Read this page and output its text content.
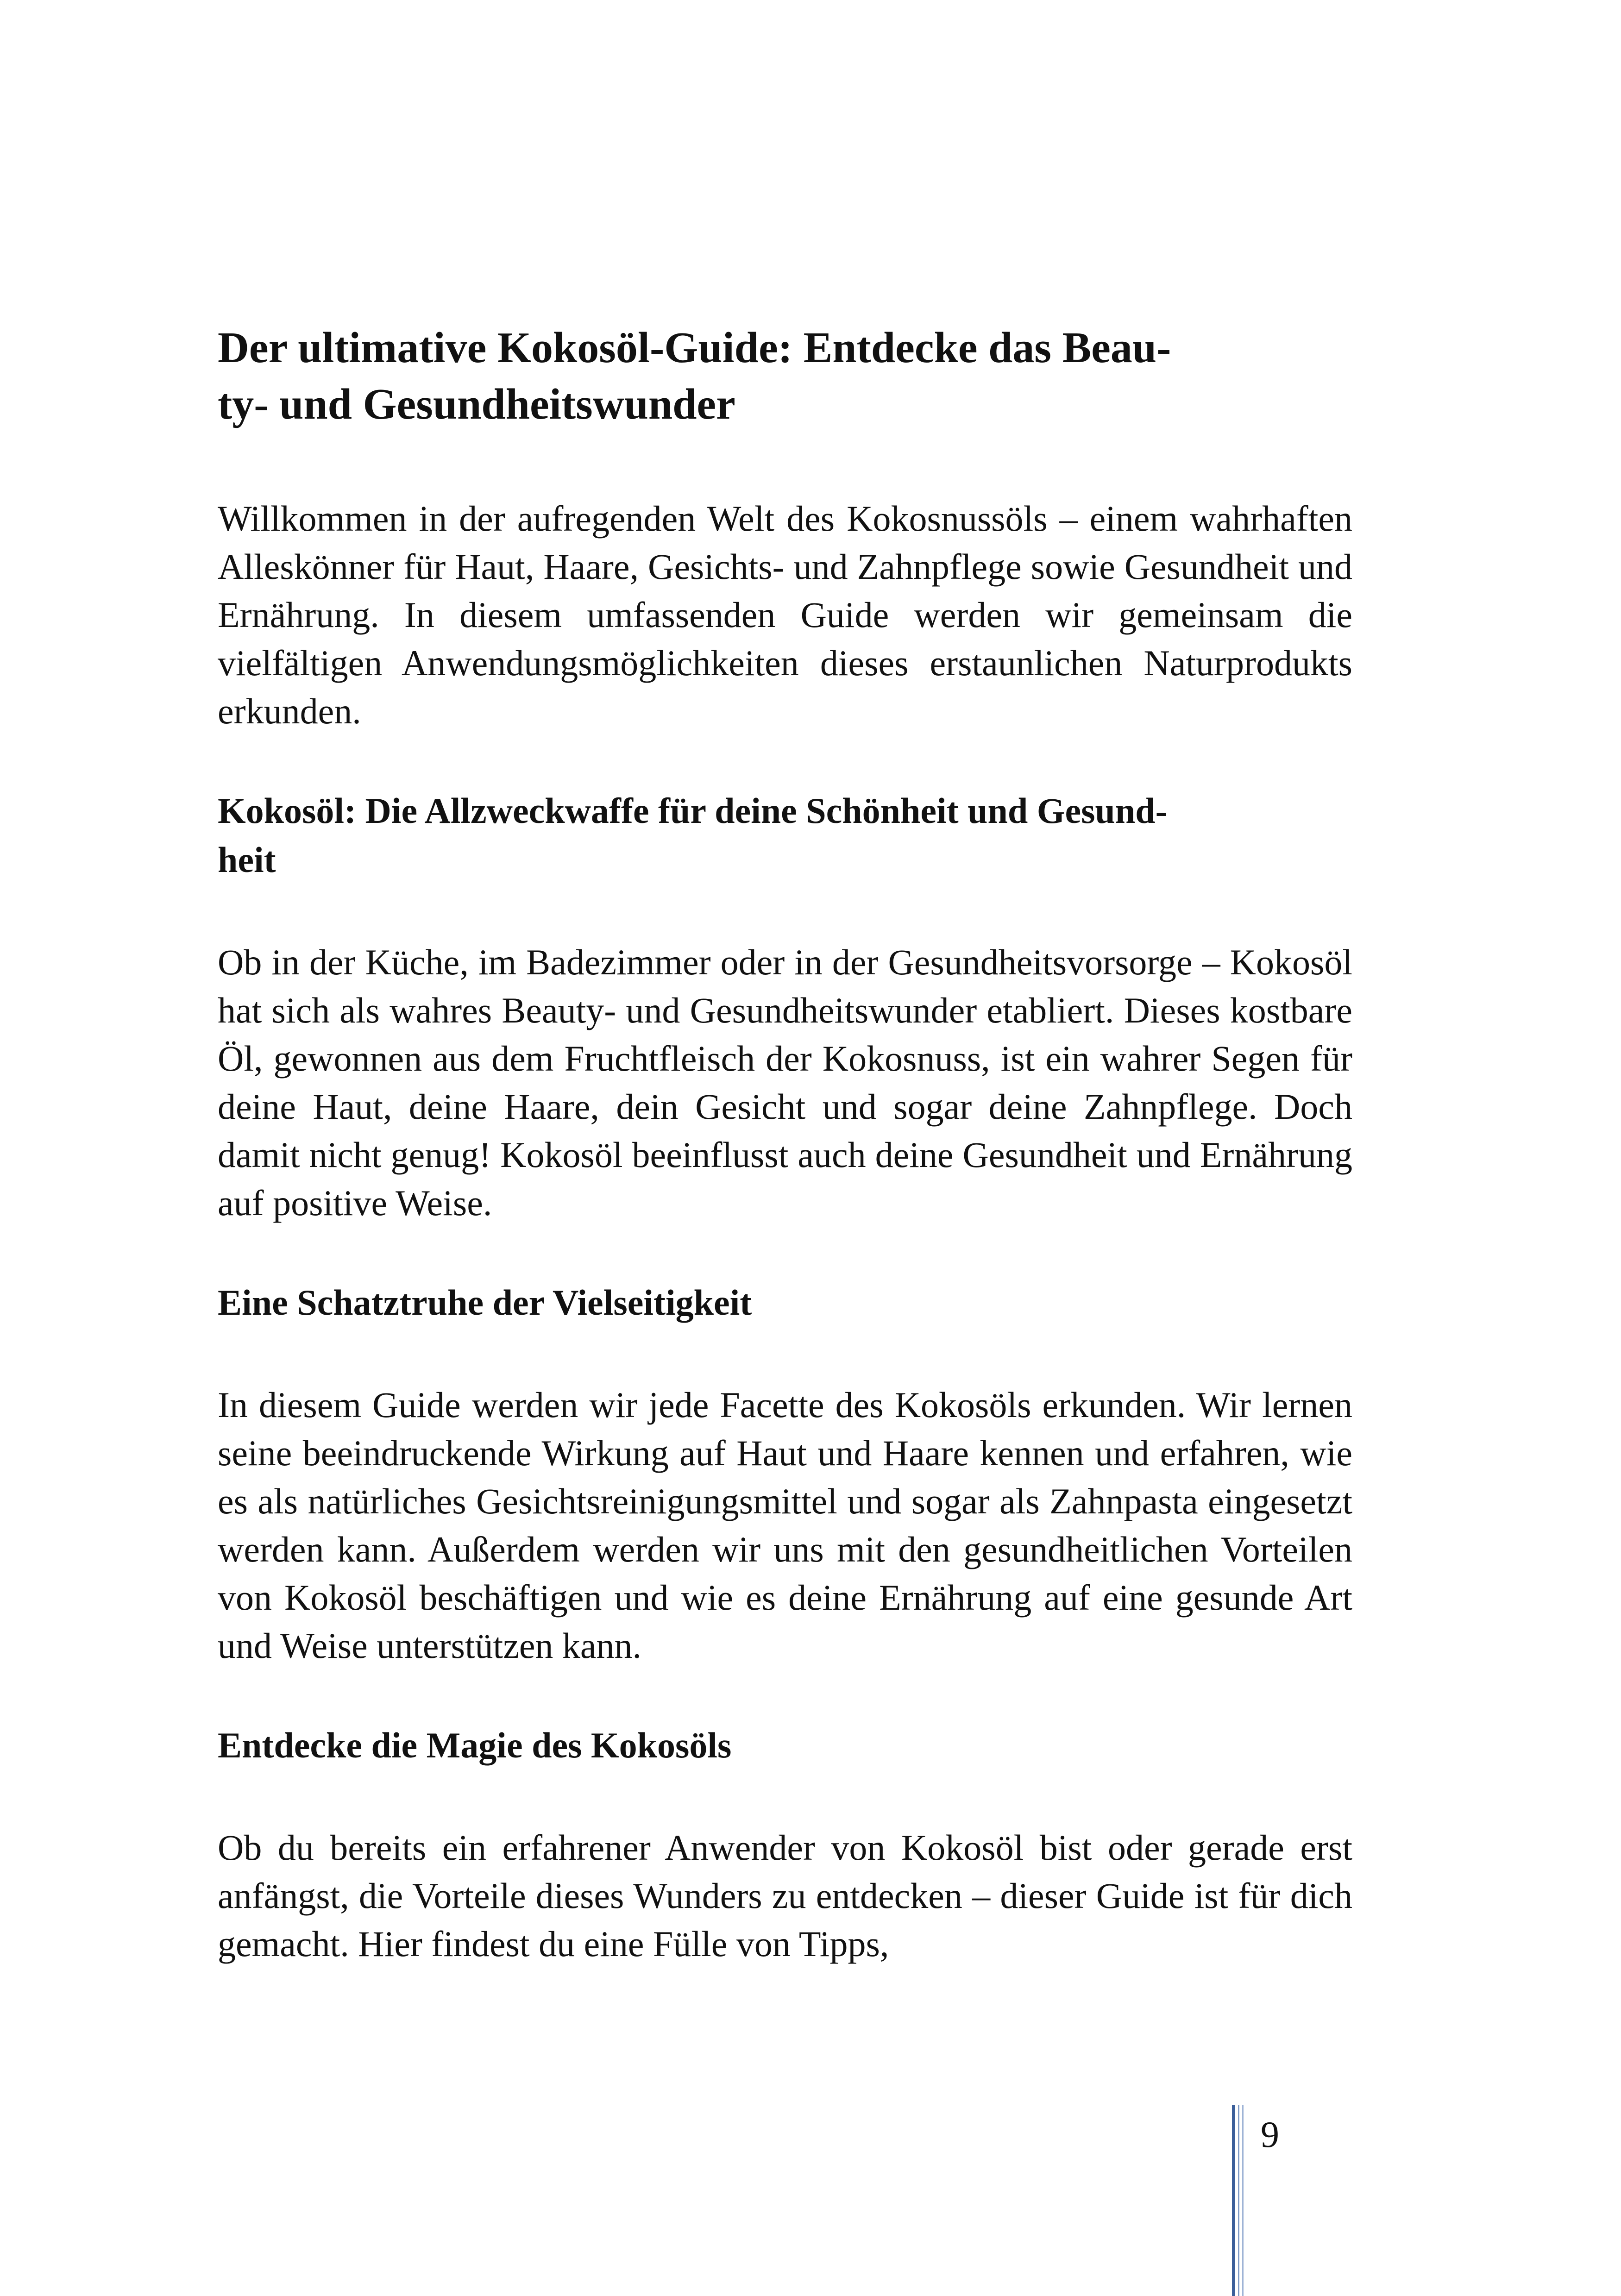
Der ultimative Kokosöl-Guide: Entdecke das Beau-
ty- und Gesundheitswunder

Willkommen in der aufregenden Welt des Kokosnussöls – einem wahrhaften Alleskönner für Haut, Haare, Gesichts- und Zahnpflege sowie Gesundheit und Ernährung. In diesem umfassenden Guide werden wir gemeinsam die vielfältigen Anwendungsmöglichkeiten dieses erstaunlichen Naturprodukts erkunden.

Kokosöl: Die Allzweckwaffe für deine Schönheit und Gesund-
heit

Ob in der Küche, im Badezimmer oder in der Gesundheitsvorsorge – Kokosöl hat sich als wahres Beauty- und Gesundheitswunder etabliert. Dieses kostbare Öl, gewonnen aus dem Fruchtfleisch der Kokosnuss, ist ein wahrer Segen für deine Haut, deine Haare, dein Gesicht und sogar deine Zahnpflege. Doch damit nicht genug! Kokosöl beeinflusst auch deine Gesundheit und Ernährung auf positive Weise.

Eine Schatztruhe der Vielseitigkeit

In diesem Guide werden wir jede Facette des Kokosöls erkunden. Wir lernen seine beeindruckende Wirkung auf Haut und Haare kennen und erfahren, wie es als natürliches Gesichtsreinigungsmittel und sogar als Zahnpasta eingesetzt werden kann. Außerdem werden wir uns mit den gesundheitlichen Vorteilen von Kokosöl beschäftigen und wie es deine Ernährung auf eine gesunde Art und Weise unterstützen kann.

Entdecke die Magie des Kokosöls

Ob du bereits ein erfahrener Anwender von Kokosöl bist oder gerade erst anfängst, die Vorteile dieses Wunders zu entdecken – dieser Guide ist für dich gemacht. Hier findest du eine Fülle von Tipps,

9
